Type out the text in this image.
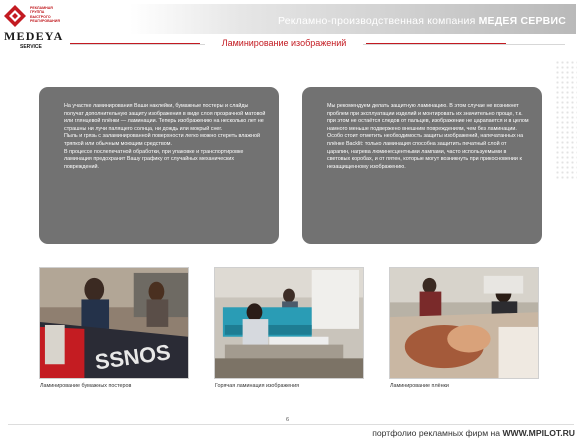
Рекламно-производственная компания МЕДЕЯ СЕРВИС
РЕКЛАМНАЯ ГРУППА БЫСТРОГО РЕАГИРОВАНИЯ
MEDEYA
SERVICE	Ламинирование изображений

На участке ламинирования Ваши наклейки, бумажные постеры и слайды получат дополнительную защиту изображения в виде слоя прозрачной матовой или глянцевой плёнки — ламинации. Теперь изображению на несколько лет не страшны ни лучи палящего солнца, ни дождь или мокрый снег.

Пыль и грязь с заламинированной поверхности легко можно стереть влажной тряпкой или обычным моющим средством.

В процессе послепечатной обработки, при упаковке и транспортировке ламинация предохранит Вашу графику от случайных механических повреждений.

Мы рекомендуем делать защитную ламинацию. В этом случае не возникнет проблем при эксплуатации изделий и монтировать их значительно проще, т.к. при этом не остаётся следов от пальцев, изображение не царапается и в целом намного меньше подвержено внешним повреждениям, чем без ламинации.

Особо стоит отметить необходимость защиты изображений, напечатанных на плёнке Backlit: только ламинация способна защитить печатный слой от царапин, нагрева люминесцентными лампами, часто используемыми в световых коробах, и от пятен, которые могут возникнуть при прикосновении к незащищенному изображению.

SSNOS
Ламинирование бумажных постеров	Горячая ламинация изображения	Ламинирование плёнки
6
портфолио рекламных фирм на WWW.MPILOT.RU
